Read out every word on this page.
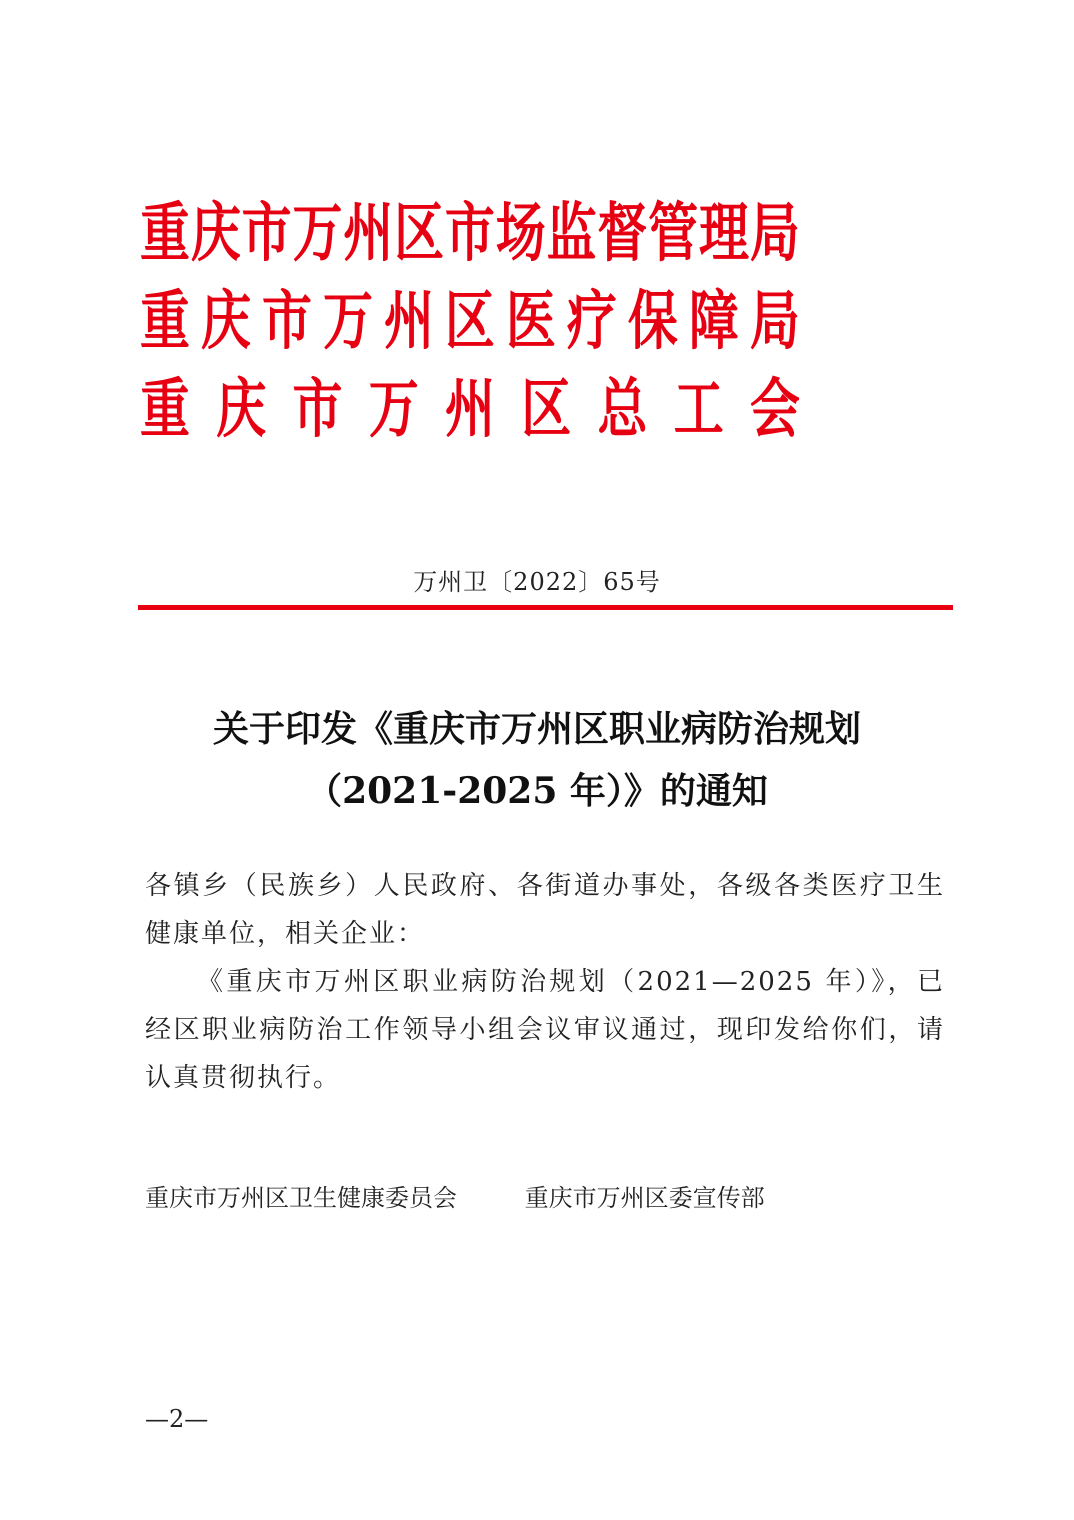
重 庆 市 万 州 区 市 场 监 督 管 理 局
重 庆 市 万 州 区 医 疗 保 障 局
重 庆 市 万 州 区 总 工 会
万州卫〔2022〕65号
关于印发《重庆市万州区职业病防治规划
（2021-2025 年）》的通知

各镇乡（民族乡）人民政府、各街道办事处，各级各类医疗卫生健康单位，相关企业：

《重庆市万州区职业病防治规划（2021—2025 年）》，已经区职业病防治工作领导小组会议审议通过，现印发给你们，请认真贯彻执行。

重庆市万州区卫生健康委员会	重庆市万州区委宣传部
—2—
